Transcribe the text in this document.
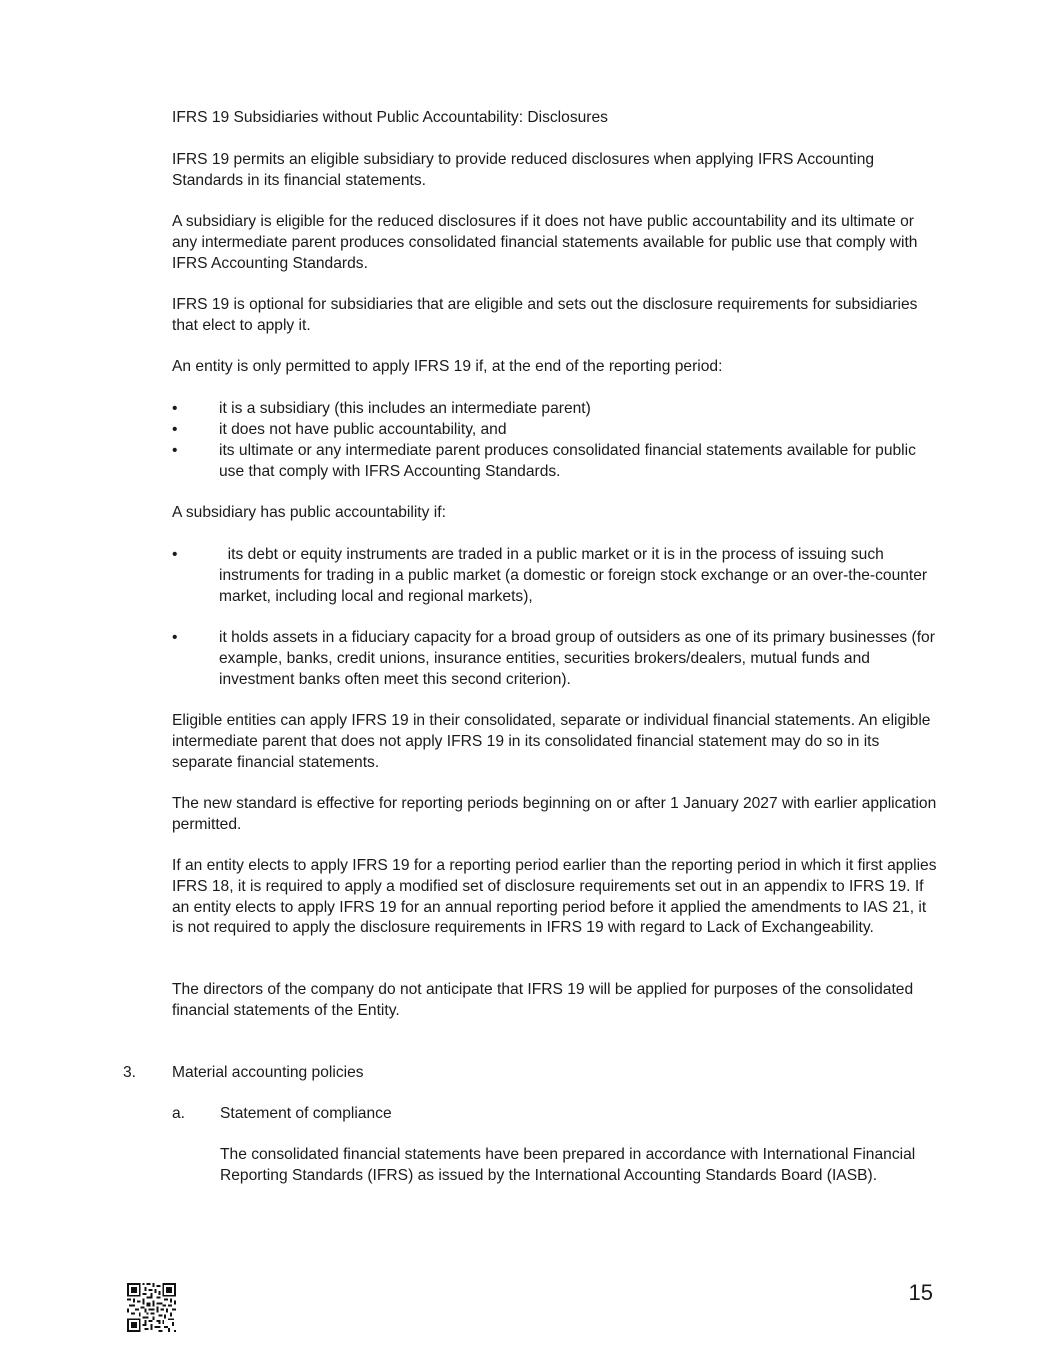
IFRS 19 Subsidiaries without Public Accountability: Disclosures

IFRS 19 permits an eligible subsidiary to provide reduced disclosures when applying IFRS Accounting Standards in its financial statements.

A subsidiary is eligible for the reduced disclosures if it does not have public accountability and its ultimate or any intermediate parent produces consolidated financial statements available for public use that comply with IFRS Accounting Standards.

IFRS 19 is optional for subsidiaries that are eligible and sets out the disclosure requirements for subsidiaries that elect to apply it.

An entity is only permitted to apply IFRS 19 if, at the end of the reporting period:

•	it is a subsidiary (this includes an intermediate parent)
•	it does not have public accountability, and
•	its ultimate or any intermediate parent produces consolidated financial statements available for public use that comply with IFRS Accounting Standards.

A subsidiary has public accountability if:

•	its debt or equity instruments are traded in a public market or it is in the process of issuing such instruments for trading in a public market (a domestic or foreign stock exchange or an over-the-counter market, including local and regional markets),
•	it holds assets in a fiduciary capacity for a broad group of outsiders as one of its primary businesses (for example, banks, credit unions, insurance entities, securities brokers/dealers, mutual funds and investment banks often meet this second criterion).

Eligible entities can apply IFRS 19 in their consolidated, separate or individual financial statements. An eligible intermediate parent that does not apply IFRS 19 in its consolidated financial statement may do so in its separate financial statements.

The new standard is effective for reporting periods beginning on or after 1 January 2027 with earlier application permitted.

If an entity elects to apply IFRS 19 for a reporting period earlier than the reporting period in which it first applies IFRS 18, it is required to apply a modified set of disclosure requirements set out in an appendix to IFRS 19. If an entity elects to apply IFRS 19 for an annual reporting period before it applied the amendments to IAS 21, it is not required to apply the disclosure requirements in IFRS 19 with regard to Lack of Exchangeability.

The directors of the company do not anticipate that IFRS 19 will be applied for purposes of the consolidated financial statements of the Entity.

3. Material accounting policies
a. Statement of compliance

The consolidated financial statements have been prepared in accordance with International Financial Reporting Standards (IFRS) as issued by the International Accounting Standards Board (IASB).

15
